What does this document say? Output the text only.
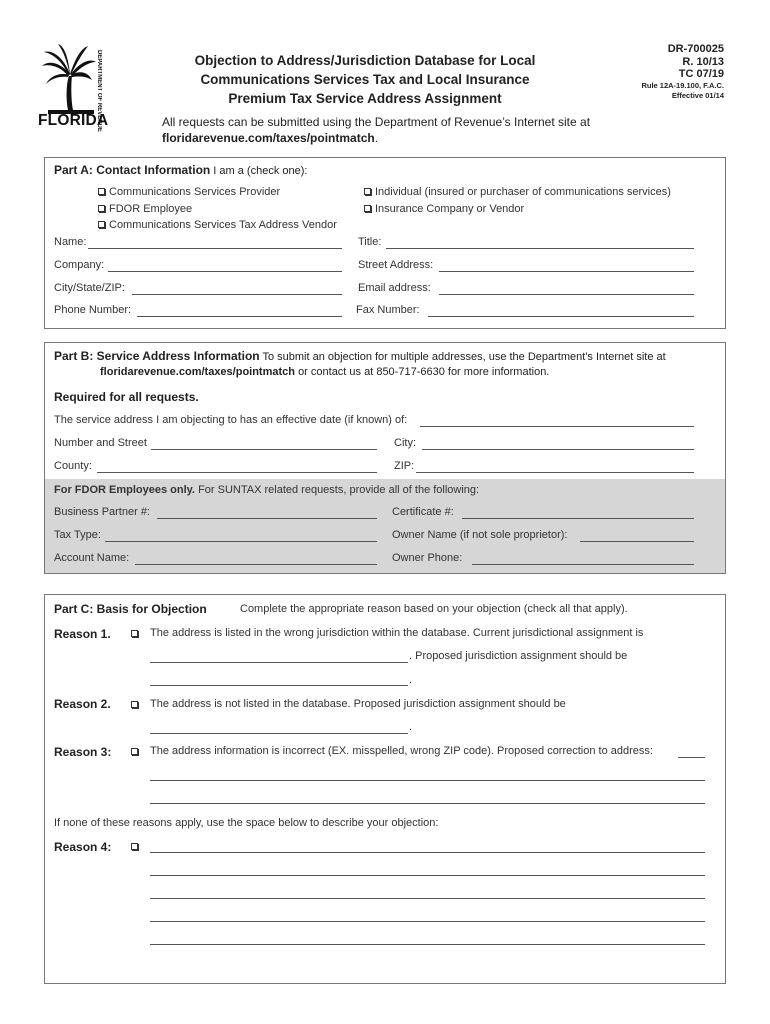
DEPARTMENT OF REVENUE
FLORIDA
Objection to Address/Jurisdiction Database for Local
Communications Services Tax and Local Insurance
Premium Tax Service Address Assignment
DR-700025
R. 10/13
TC 07/19
Rule 12A-19.100, F.A.C.
Effective 01/14
All requests can be submitted using the Department of Revenue’s Internet site at
floridarevenue.com/taxes/pointmatch.
Part A: Contact Information I am a (check one):
Communications Services Provider
FDOR Employee
Communications Services Tax Address Vendor
Individual (insured or purchaser of communications services)
Insurance Company or Vendor
Name:	Title:
Company:	Street Address:
City/State/ZIP:	Email address:
Phone Number:	Fax Number:
Part B: Service Address Information To submit an objection for multiple addresses, use the Department's Internet site at
floridarevenue.com/taxes/pointmatch or contact us at 850-717-6630 for more information.
Required for all requests.
The service address I am objecting to has an effective date (if known) of:
Number and Street	City:
County:	ZIP:
For FDOR Employees only. For SUNTAX related requests, provide all of the following:
Business Partner #:	Certificate #:
Tax Type:	Owner Name (if not sole proprietor):
Account Name:	Owner Phone:
Part C: Basis for Objection	Complete the appropriate reason based on your objection (check all that apply).
Reason 1.	The address is listed in the wrong jurisdiction within the database. Current jurisdictional assignment is
. Proposed jurisdiction assignment should be
.
Reason 2.	The address is not listed in the database. Proposed jurisdiction assignment should be
.
Reason 3:	The address information is incorrect (EX. misspelled, wrong ZIP code). Proposed correction to address:
If none of these reasons apply, use the space below to describe your objection:
Reason 4:
